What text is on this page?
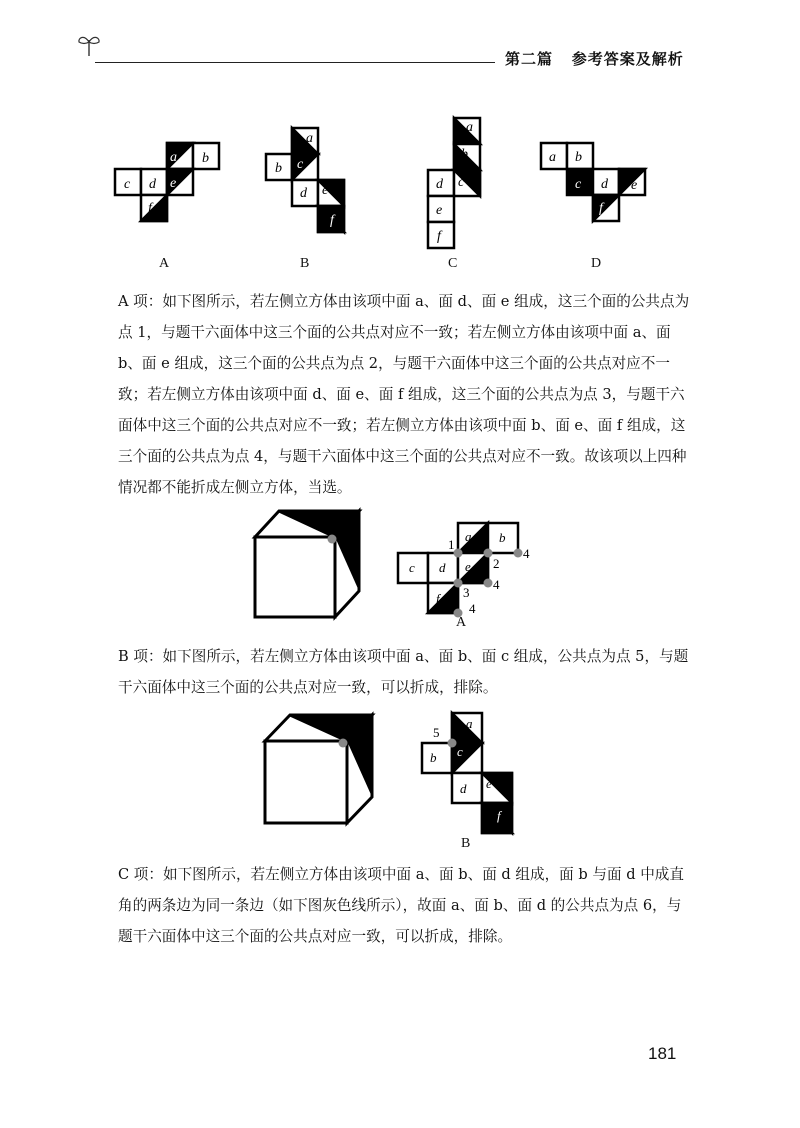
第二篇 参考答案及解析
a b
c d e
f
a
b c
d e
f
a
b
d c
e
f
a b
c d e
f
A	B	C	D

A 项：如下图所示，若左侧立方体由该项中面 a、面 d、面 e 组成，这三个面的公共点为点 1，与题干六面体中这三个面的公共点对应不一致；若左侧立方体由该项中面 a、面 b、面 e 组成，这三个面的公共点为点 2，与题干六面体中这三个面的公共点对应不一致；若左侧立方体由该项中面 d、面 e、面 f 组成，这三个面的公共点为点 3，与题干六面体中这三个面的公共点对应不一致；若左侧立方体由该项中面 b、面 e、面 f 组成，这三个面的公共点为点 4，与题干六面体中这三个面的公共点对应不一致。故该项以上四种情况都不能折成左侧立方体，当选。

a b
c d e
f
1
2
3
4
4
4
A

B 项：如下图所示，若左侧立方体由该项中面 a、面 b、面 c 组成，公共点为点 5，与题干六面体中这三个面的公共点对应一致，可以折成，排除。

a
b c
d e
f
5
B

C 项：如下图所示，若左侧立方体由该项中面 a、面 b、面 d 组成，面 b 与面 d 中成直角的两条边为同一条边（如下图灰色线所示），故面 a、面 b、面 d 的公共点为点 6，与题干六面体中这三个面的公共点对应一致，可以折成，排除。

181
